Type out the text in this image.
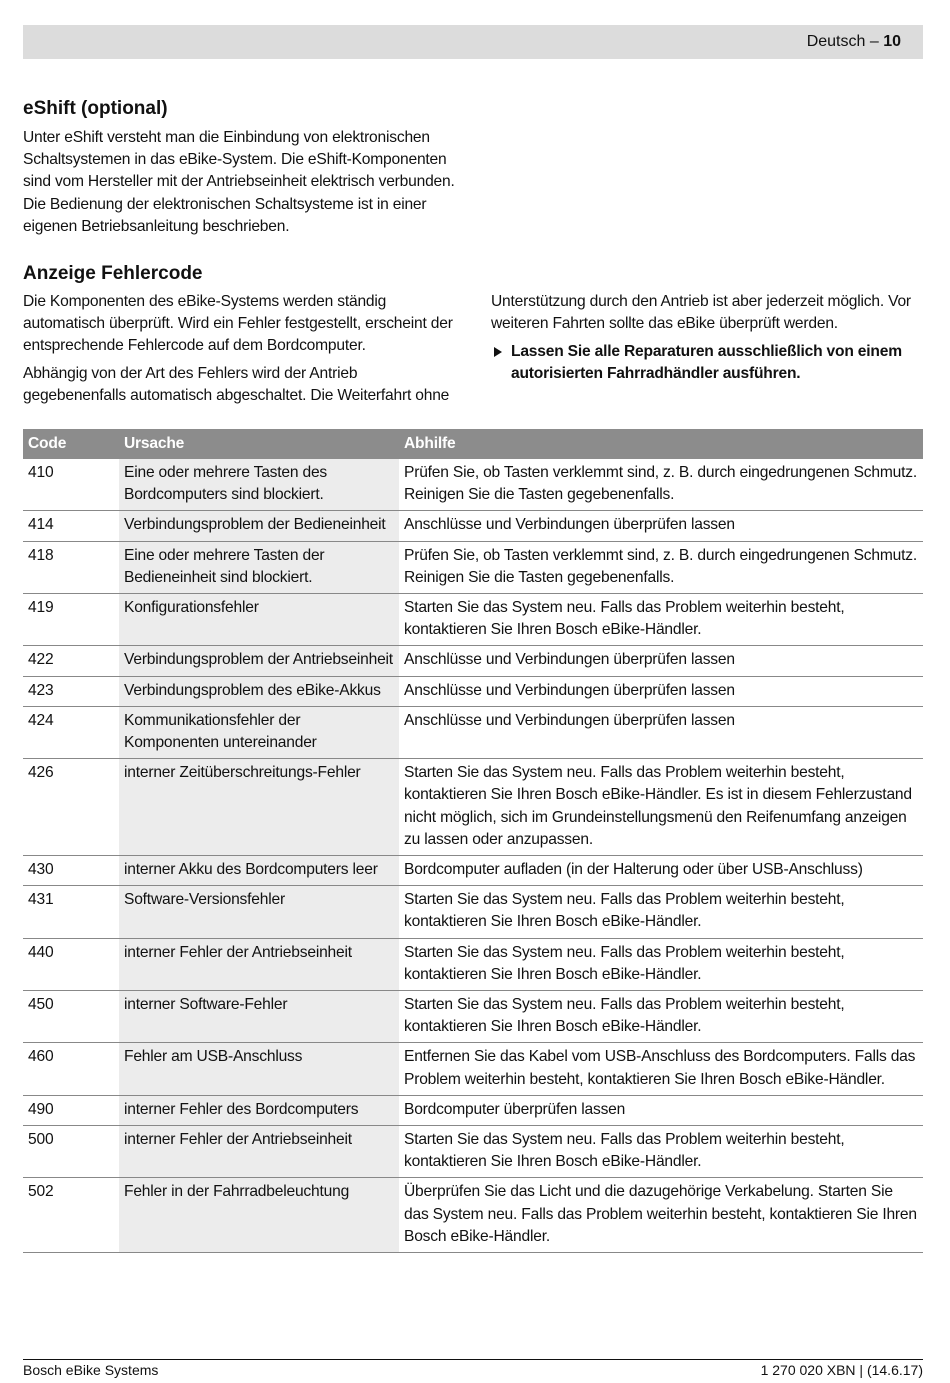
Deutsch – 10
eShift (optional)
Unter eShift versteht man die Einbindung von elektronischen Schaltsystemen in das eBike-System. Die eShift-Komponenten sind vom Hersteller mit der Antriebseinheit elektrisch verbunden. Die Bedienung der elektronischen Schaltsysteme ist in einer eigenen Betriebsanleitung beschrieben.
Anzeige Fehlercode
Die Komponenten des eBike-Systems werden ständig automatisch überprüft. Wird ein Fehler festgestellt, erscheint der entsprechende Fehlercode auf dem Bordcomputer.
Abhängig von der Art des Fehlers wird der Antrieb gegebenenfalls automatisch abgeschaltet. Die Weiterfahrt ohne
Unterstützung durch den Antrieb ist aber jederzeit möglich. Vor weiteren Fahrten sollte das eBike überprüft werden.
Lassen Sie alle Reparaturen ausschließlich von einem autorisierten Fahrradhändler ausführen.
Code	Ursache	Abhilfe
410	Eine oder mehrere Tasten des Bordcomputers sind blockiert.	Prüfen Sie, ob Tasten verklemmt sind, z. B. durch eingedrungenen Schmutz. Reinigen Sie die Tasten gegebenenfalls.
414	Verbindungsproblem der Bedieneinheit	Anschlüsse und Verbindungen überprüfen lassen
418	Eine oder mehrere Tasten der Bedieneinheit sind blockiert.	Prüfen Sie, ob Tasten verklemmt sind, z. B. durch eingedrungenen Schmutz. Reinigen Sie die Tasten gegebenenfalls.
419	Konfigurationsfehler	Starten Sie das System neu. Falls das Problem weiterhin besteht, kontaktieren Sie Ihren Bosch eBike-Händler.
422	Verbindungsproblem der Antriebseinheit	Anschlüsse und Verbindungen überprüfen lassen
423	Verbindungsproblem des eBike-Akkus	Anschlüsse und Verbindungen überprüfen lassen
424	Kommunikationsfehler der Komponenten untereinander	Anschlüsse und Verbindungen überprüfen lassen
426	interner Zeitüberschreitungs-Fehler	Starten Sie das System neu. Falls das Problem weiterhin besteht, kontaktieren Sie Ihren Bosch eBike-Händler. Es ist in diesem Fehlerzustand nicht möglich, sich im Grundeinstellungsmenü den Reifenumfang anzeigen zu lassen oder anzupassen.
430	interner Akku des Bordcomputers leer	Bordcomputer aufladen (in der Halterung oder über USB-Anschluss)
431	Software-Versionsfehler	Starten Sie das System neu. Falls das Problem weiterhin besteht, kontaktieren Sie Ihren Bosch eBike-Händler.
440	interner Fehler der Antriebseinheit	Starten Sie das System neu. Falls das Problem weiterhin besteht, kontaktieren Sie Ihren Bosch eBike-Händler.
450	interner Software-Fehler	Starten Sie das System neu. Falls das Problem weiterhin besteht, kontaktieren Sie Ihren Bosch eBike-Händler.
460	Fehler am USB-Anschluss	Entfernen Sie das Kabel vom USB-Anschluss des Bordcomputers. Falls das Problem weiterhin besteht, kontaktieren Sie Ihren Bosch eBike-Händler.
490	interner Fehler des Bordcomputers	Bordcomputer überprüfen lassen
500	interner Fehler der Antriebseinheit	Starten Sie das System neu. Falls das Problem weiterhin besteht, kontaktieren Sie Ihren Bosch eBike-Händler.
502	Fehler in der Fahrradbeleuchtung	Überprüfen Sie das Licht und die dazugehörige Verkabelung. Starten Sie das System neu. Falls das Problem weiterhin besteht, kontaktieren Sie Ihren Bosch eBike-Händler.
Bosch eBike Systems	1 270 020 XBN | (14.6.17)
